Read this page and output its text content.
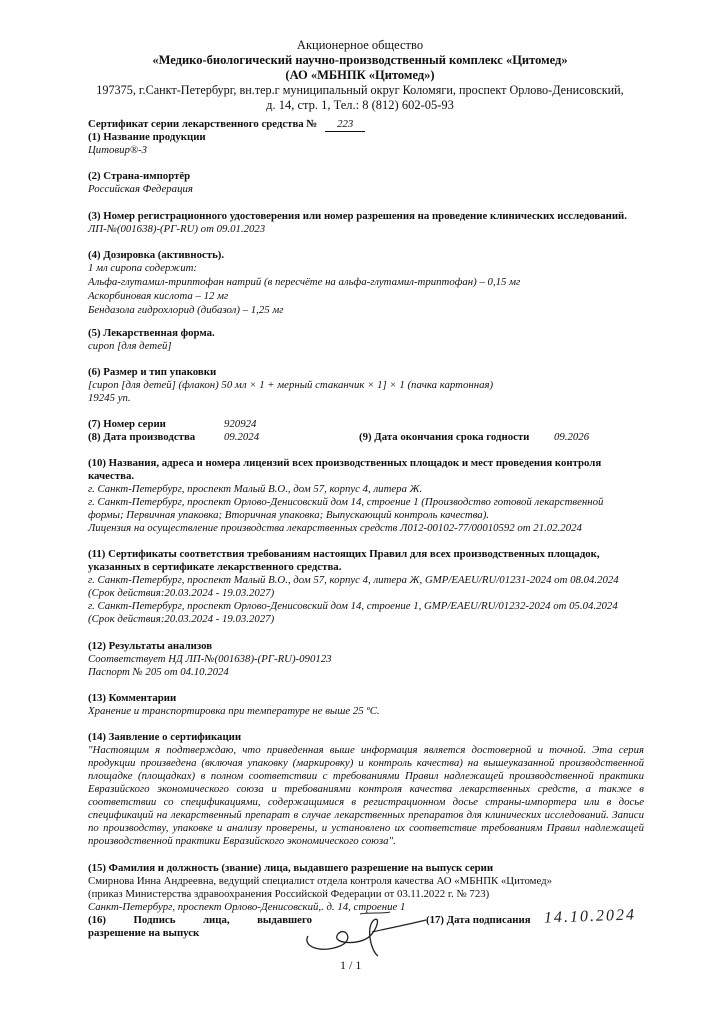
Акционерное общество
«Медико-биологический научно-производственный комплекс «Цитомед»
(АО «МБНПК «Цитомед»)
197375, г.Санкт-Петербург, вн.тер.г муниципальный округ Коломяги, проспект Орлово-Денисовский,
д. 14, стр. 1, Тел.: 8 (812) 602-05-93
Сертификат серии лекарственного средства № 223
(1) Название продукции
Цитовир®-3
(2) Страна-импортёр
Российская Федерация
(3) Номер регистрационного удостоверения или номер разрешения на проведение клинических исследований.
ЛП-№(001638)-(РГ-RU) от 09.01.2023
(4) Дозировка (активность).
1 мл сиропа содержит:
Альфа-глутамил-триптофан натрий (в пересчёте на альфа-глутамил-триптофан) – 0,15 мг
Аскорбиновая кислота – 12 мг
Бендазола гидрохлорид (дибазол) – 1,25 мг
(5) Лекарственная форма.
сироп [для детей]
(6) Размер и тип упаковки
[сироп [для детей] (флакон) 50 мл × 1 + мерный стаканчик × 1] × 1 (пачка картонная)
19245 уп.
(7) Номер серии	920924
(8) Дата производства	09.2024	(9) Дата окончания срока годности 09.2026
(10) Названия, адреса и номера лицензий всех производственных площадок и мест проведения контроля
качества.
г. Санкт-Петербург, проспект Малый В.О., дом 57, корпус 4, литера Ж.
г. Санкт-Петербург, проспект Орлово-Денисовский дом 14, строение 1 (Производство готовой лекарственной
формы; Первичная упаковка; Вторичная упаковка; Выпускающий контроль качества).
Лицензия на осуществление производства лекарственных средств Л012-00102-77/00010592 от 21.02.2024
(11) Сертификаты соответствия требованиям настоящих Правил для всех производственных площадок,
указанных в сертификате лекарственного средства.
г. Санкт-Петербург, проспект Малый В.О., дом 57, корпус 4, литера Ж, GMP/EAEU/RU/01231-2024 от 08.04.2024
(Срок действия:20.03.2024 - 19.03.2027)
г. Санкт-Петербург, проспект Орлово-Денисовский дом 14, строение 1, GMP/EAEU/RU/01232-2024 от 05.04.2024
(Срок действия:20.03.2024 - 19.03.2027)
(12) Результаты анализов
Соответствует НД ЛП-№(001638)-(РГ-RU)-090123
Паспорт № 205 от 04.10.2024
(13) Комментарии
Хранение и транспортировка при температуре не выше 25 ºС.
(14) Заявление о сертификации
"Настоящим я подтверждаю, что приведенная выше информация является достоверной и точной. Эта серия
продукции произведена (включая упаковку (маркировку) и контроль качества) на вышеуказанной производственной
площадке (площадках) в полном соответствии с требованиями Правил надлежащей производственной практики
Евразийского экономического союза и требованиями контроля качества лекарственных средств, а также в
соответствии со спецификациями, содержащимися в регистрационном досье страны-импортера или в досье
спецификаций на лекарственный препарат в случае лекарственных препаратов для клинических исследований. Записи
по производству, упаковке и анализу проверены, и установлено их соответствие требованиям Правил надлежащей
производственной практики Евразийского экономического союза".
(15) Фамилия и должность (звание) лица, выдавшего разрешение на выпуск серии
Смирнова Инна Андреевна, ведущий специалист отдела контроля качества АО «МБНПК «Цитомед»
(приказ Министерства здравоохранения Российской Федерации от 03.11.2022 г. № 723)
Санкт-Петербург, проспект Орлово-Денисовский,. д. 14, строение 1
(16) Подпись лица, выдавшего
разрешение на выпуск
(17) Дата подписания 14.10.2024
1 / 1
